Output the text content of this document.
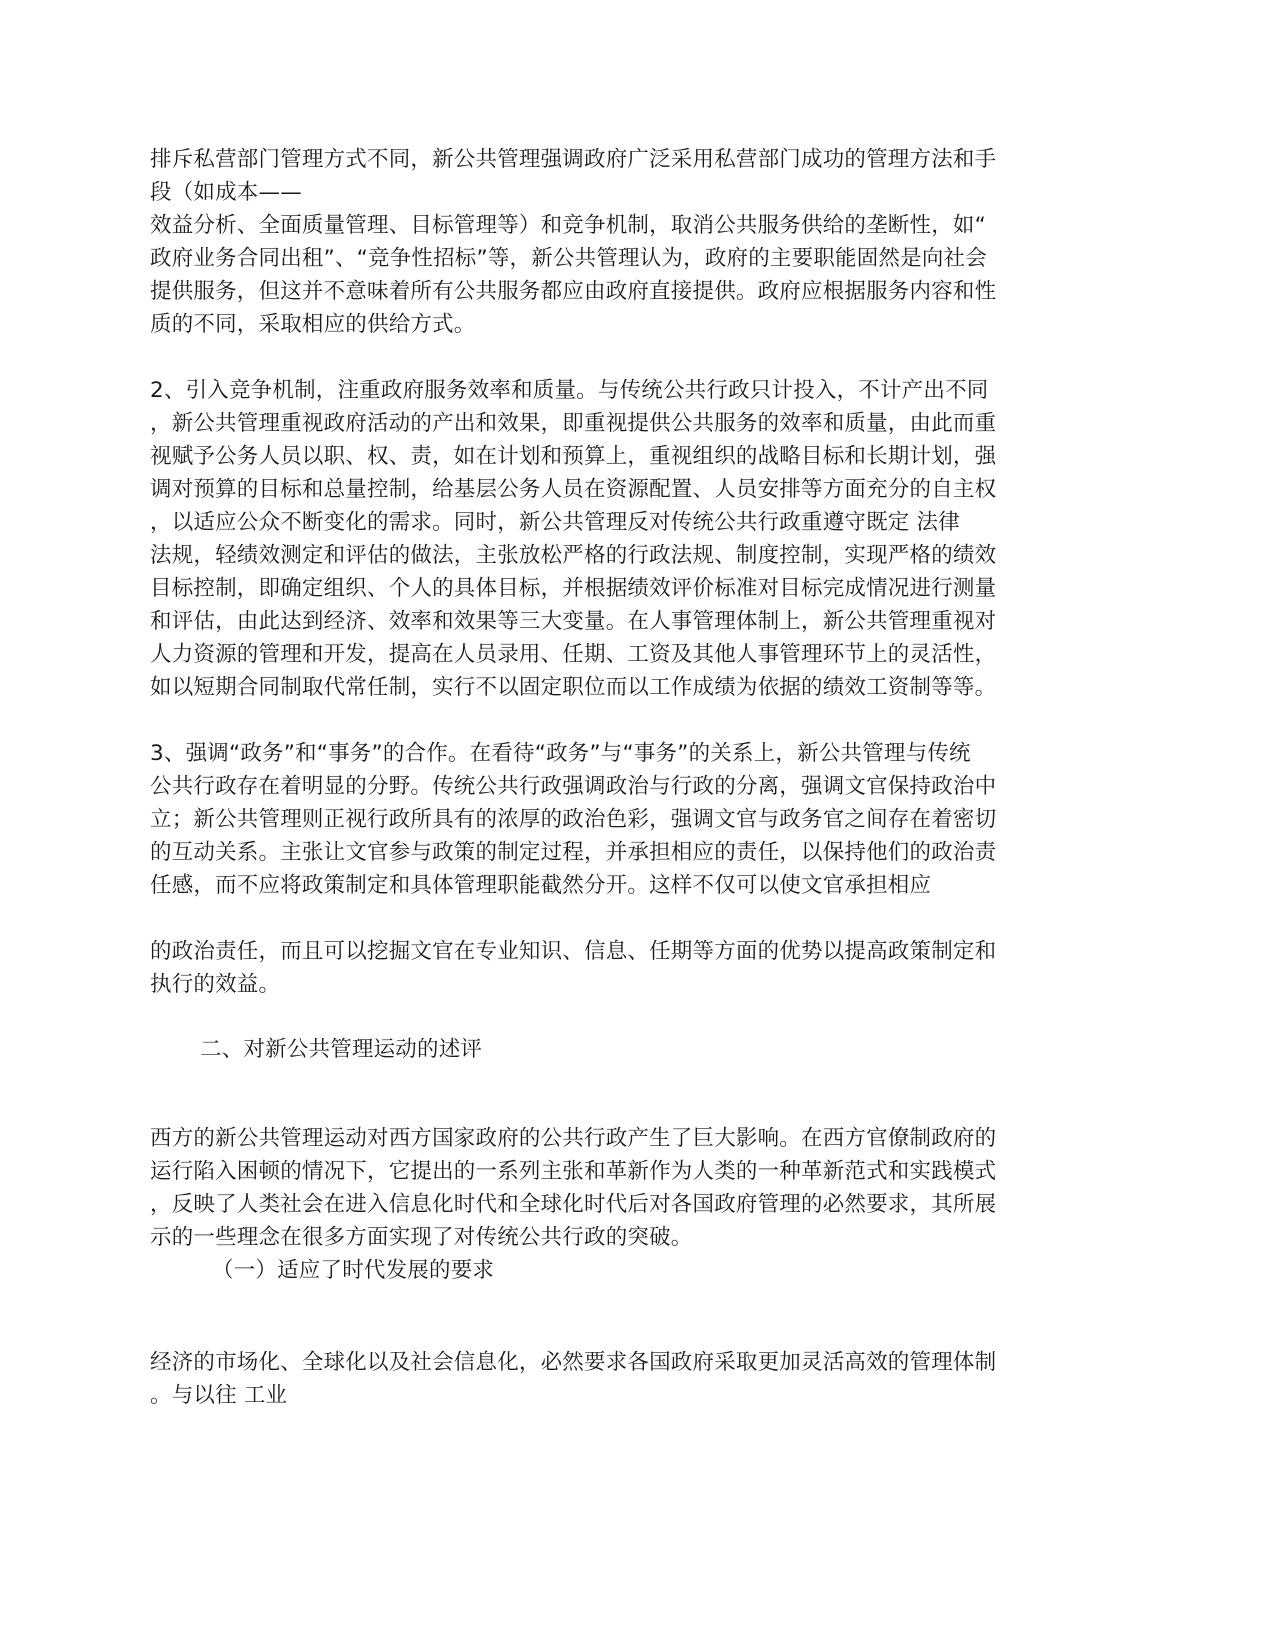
排斥私营部门管理方式不同，新公共管理强调政府广泛采用私营部门成功的管理方法和手
段（如成本——
效益分析、全面质量管理、目标管理等）和竞争机制，取消公共服务供给的垄断性，如“
政府业务合同出租”、“竞争性招标”等，新公共管理认为，政府的主要职能固然是向社会
提供服务，但这并不意味着所有公共服务都应由政府直接提供。政府应根据服务内容和性
质的不同，采取相应的供给方式。
2、引入竞争机制，注重政府服务效率和质量。与传统公共行政只计投入，不计产出不同
，新公共管理重视政府活动的产出和效果，即重视提供公共服务的效率和质量，由此而重
视赋予公务人员以职、权、责，如在计划和预算上，重视组织的战略目标和长期计划，强
调对预算的目标和总量控制，给基层公务人员在资源配置、人员安排等方面充分的自主权
，以适应公众不断变化的需求。同时，新公共管理反对传统公共行政重遵守既定 法律
法规，轻绩效测定和评估的做法，主张放松严格的行政法规、制度控制，实现严格的绩效
目标控制，即确定组织、个人的具体目标，并根据绩效评价标准对目标完成情况进行测量
和评估，由此达到经济、效率和效果等三大变量。在人事管理体制上，新公共管理重视对
人力资源的管理和开发，提高在人员录用、任期、工资及其他人事管理环节上的灵活性，
如以短期合同制取代常任制，实行不以固定职位而以工作成绩为依据的绩效工资制等等。
3、强调“政务”和“事务”的合作。在看待“政务”与“事务”的关系上，新公共管理与传统
公共行政存在着明显的分野。传统公共行政强调政治与行政的分离，强调文官保持政治中
立；新公共管理则正视行政所具有的浓厚的政治色彩，强调文官与政务官之间存在着密切
的互动关系。主张让文官参与政策的制定过程，并承担相应的责任，以保持他们的政治责
任感，而不应将政策制定和具体管理职能截然分开。这样不仅可以使文官承担相应
的政治责任，而且可以挖掘文官在专业知识、信息、任期等方面的优势以提高政策制定和
执行的效益。
二、对新公共管理运动的述评
西方的新公共管理运动对西方国家政府的公共行政产生了巨大影响。在西方官僚制政府的
运行陷入困顿的情况下，它提出的一系列主张和革新作为人类的一种革新范式和实践模式
，反映了人类社会在进入信息化时代和全球化时代后对各国政府管理的必然要求，其所展
示的一些理念在很多方面实现了对传统公共行政的突破。
（一）适应了时代发展的要求
经济的市场化、全球化以及社会信息化，必然要求各国政府采取更加灵活高效的管理体制
。与以往 工业
